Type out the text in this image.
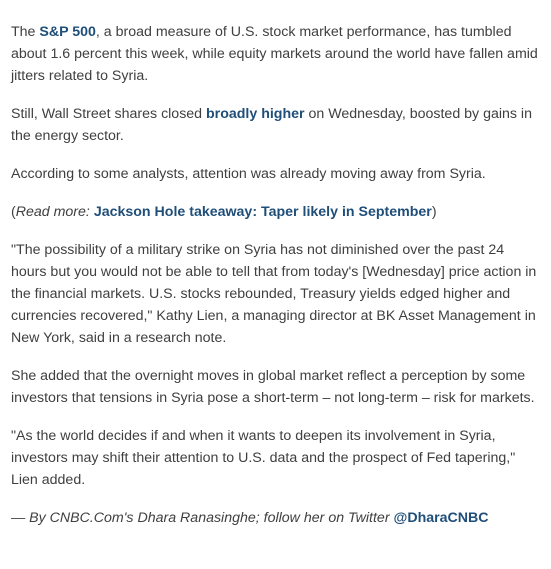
The S&P 500, a broad measure of U.S. stock market performance, has tumbled about 1.6 percent this week, while equity markets around the world have fallen amid jitters related to Syria.

Still, Wall Street shares closed broadly higher on Wednesday, boosted by gains in the energy sector.

According to some analysts, attention was already moving away from Syria.

(Read more: Jackson Hole takeaway: Taper likely in September)

"The possibility of a military strike on Syria has not diminished over the past 24 hours but you would not be able to tell that from today's [Wednesday] price action in the financial markets. U.S. stocks rebounded, Treasury yields edged higher and currencies recovered," Kathy Lien, a managing director at BK Asset Management in New York, said in a research note.

She added that the overnight moves in global market reflect a perception by some investors that tensions in Syria pose a short-term – not long-term – risk for markets.

"As the world decides if and when it wants to deepen its involvement in Syria, investors may shift their attention to U.S. data and the prospect of Fed tapering," Lien added.

— By CNBC.Com's Dhara Ranasinghe; follow her on Twitter @DharaCNBC
